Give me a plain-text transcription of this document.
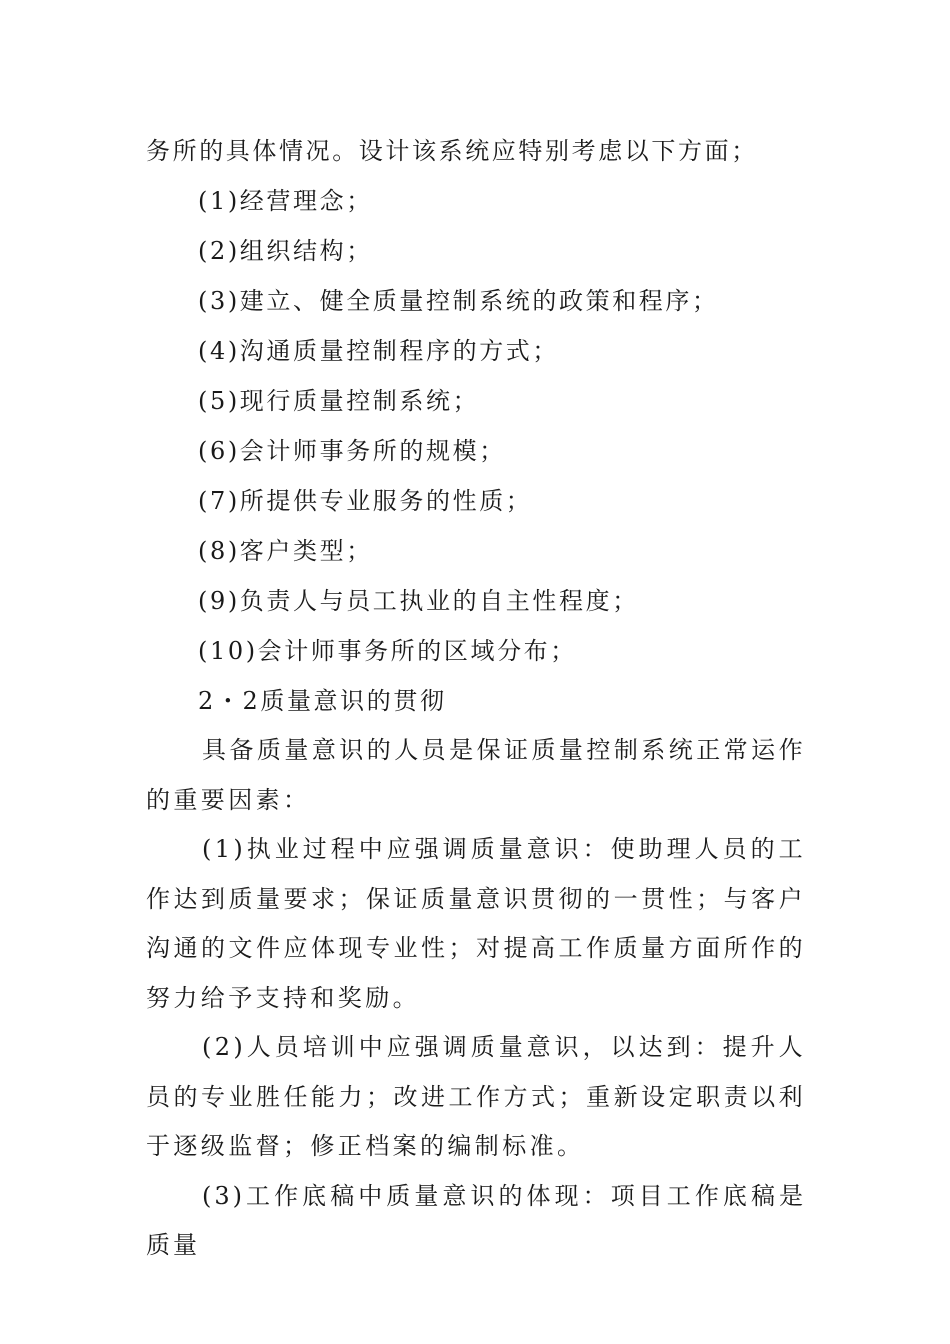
务所的具体情况。设计该系统应特别考虑以下方面；
(1)经营理念；
(2)组织结构；
(3)建立、健全质量控制系统的政策和程序；
(4)沟通质量控制程序的方式；
(5)现行质量控制系统；
(6)会计师事务所的规模；
(7)所提供专业服务的性质；
(8)客户类型；
(9)负责人与员工执业的自主性程度；
(10)会计师事务所的区域分布；
2・2质量意识的贯彻

具备质量意识的人员是保证质量控制系统正常运作的重要因素：

(1)执业过程中应强调质量意识：使助理人员的工作达到质量要求；保证质量意识贯彻的一贯性；与客户沟通的文件应体现专业性；对提高工作质量方面所作的努力给予支持和奖励。

(2)人员培训中应强调质量意识，以达到：提升人员的专业胜任能力；改进工作方式；重新设定职责以利于逐级监督；修正档案的编制标准。

(3)工作底稿中质量意识的体现：项目工作底稿是质量
